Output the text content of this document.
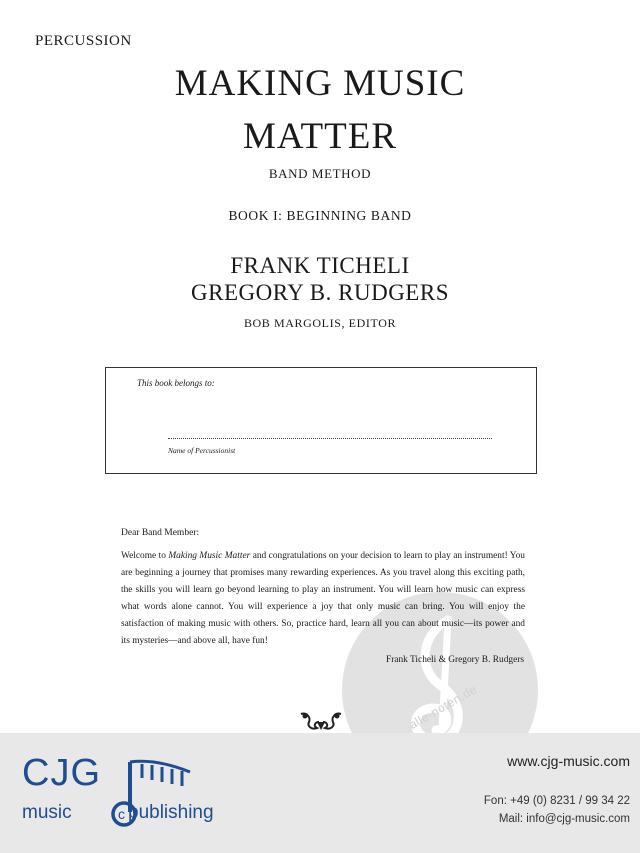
PERCUSSION
MAKING MUSIC
MATTER
BAND METHOD
BOOK I: BEGINNING BAND
FRANK TICHELI
GREGORY B. RUDGERS
BOB MARGOLIS, EDITOR
This book belongs to:
Name of Percussionist
alle-noten.de
Dear Band Member:
Welcome to Making Music Matter and congratulations on your decision to learn to play an instrument! You are beginning a journey that promises many rewarding experiences. As you travel along this exciting path, the skills you will learn go beyond learning to play an instrument. You will learn how music can express what words alone cannot. You will experience a joy that only music can bring. You will enjoy the satisfaction of making music with others. So, practice hard, learn all you can about music—its power and its mysteries—and above all, have fun!
Frank Ticheli & Gregory B. Rudgers
CJG
c
music	publishing
www.cjg-music.com
Fon: +49 (0) 8231 / 99 34 22
Mail: info@cjg-music.com
